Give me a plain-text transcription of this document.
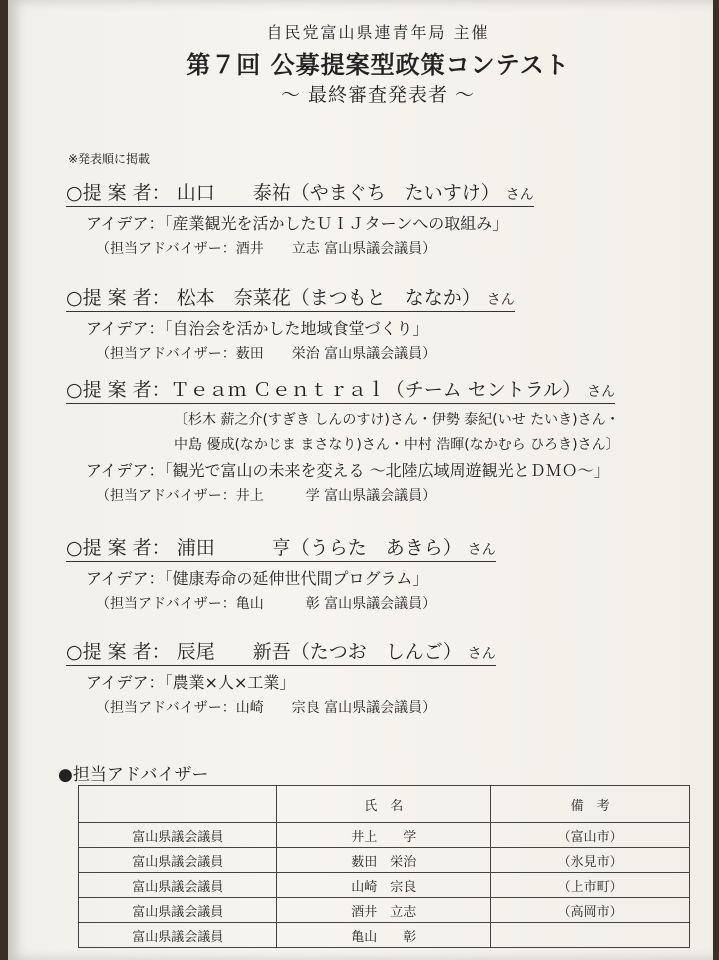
自民党富山県連青年局 主催
第７回 公募提案型政策コンテスト
〜 最終審査発表者 〜
※発表順に掲載
○提 案 者： 山口　　泰祐（やまぐち　たいすけ） さん
アイデア：「産業観光を活かしたＵＩＪターンへの取組み」
（担当アドバイザー：酒井　　立志 富山県議会議員）
○提 案 者： 松本　奈菜花（まつもと　ななか） さん
アイデア：「自治会を活かした地域食堂づくり」
（担当アドバイザー：薮田　　栄治 富山県議会議員）
○提 案 者：Ｔｅａｍ Ｃｅｎｔｒａｌ（チーム セントラル） さん
〔杉木 薪之介(すぎき しんのすけ)さん・伊勢 泰紀(いせ たいき)さん・
中島 優成(なかじま まさなり)さん・中村 浩暉(なかむら ひろき)さん〕
アイデア：「観光で富山の未来を変える 〜北陸広域周遊観光とＤＭＯ〜」
（担当アドバイザー：井上　　　学 富山県議会議員）
○提 案 者： 浦田　　　亨（うらた　あきら） さん
アイデア：「健康寿命の延伸世代間プログラム」
（担当アドバイザー：亀山　　　彰 富山県議会議員）
○提 案 者： 辰尾　　新吾（たつお　しんご） さん
アイデア：「農業×人×工業」
（担当アドバイザー：山崎　　宗良 富山県議会議員）
●担当アドバイザー
	氏　名	備　考
富山県議会議員	井上　　学	（富山市）
富山県議会議員	薮田　栄治	（氷見市）
富山県議会議員	山崎　宗良	（上市町）
富山県議会議員	酒井　立志	（高岡市）
富山県議会議員	亀山　　彰	
